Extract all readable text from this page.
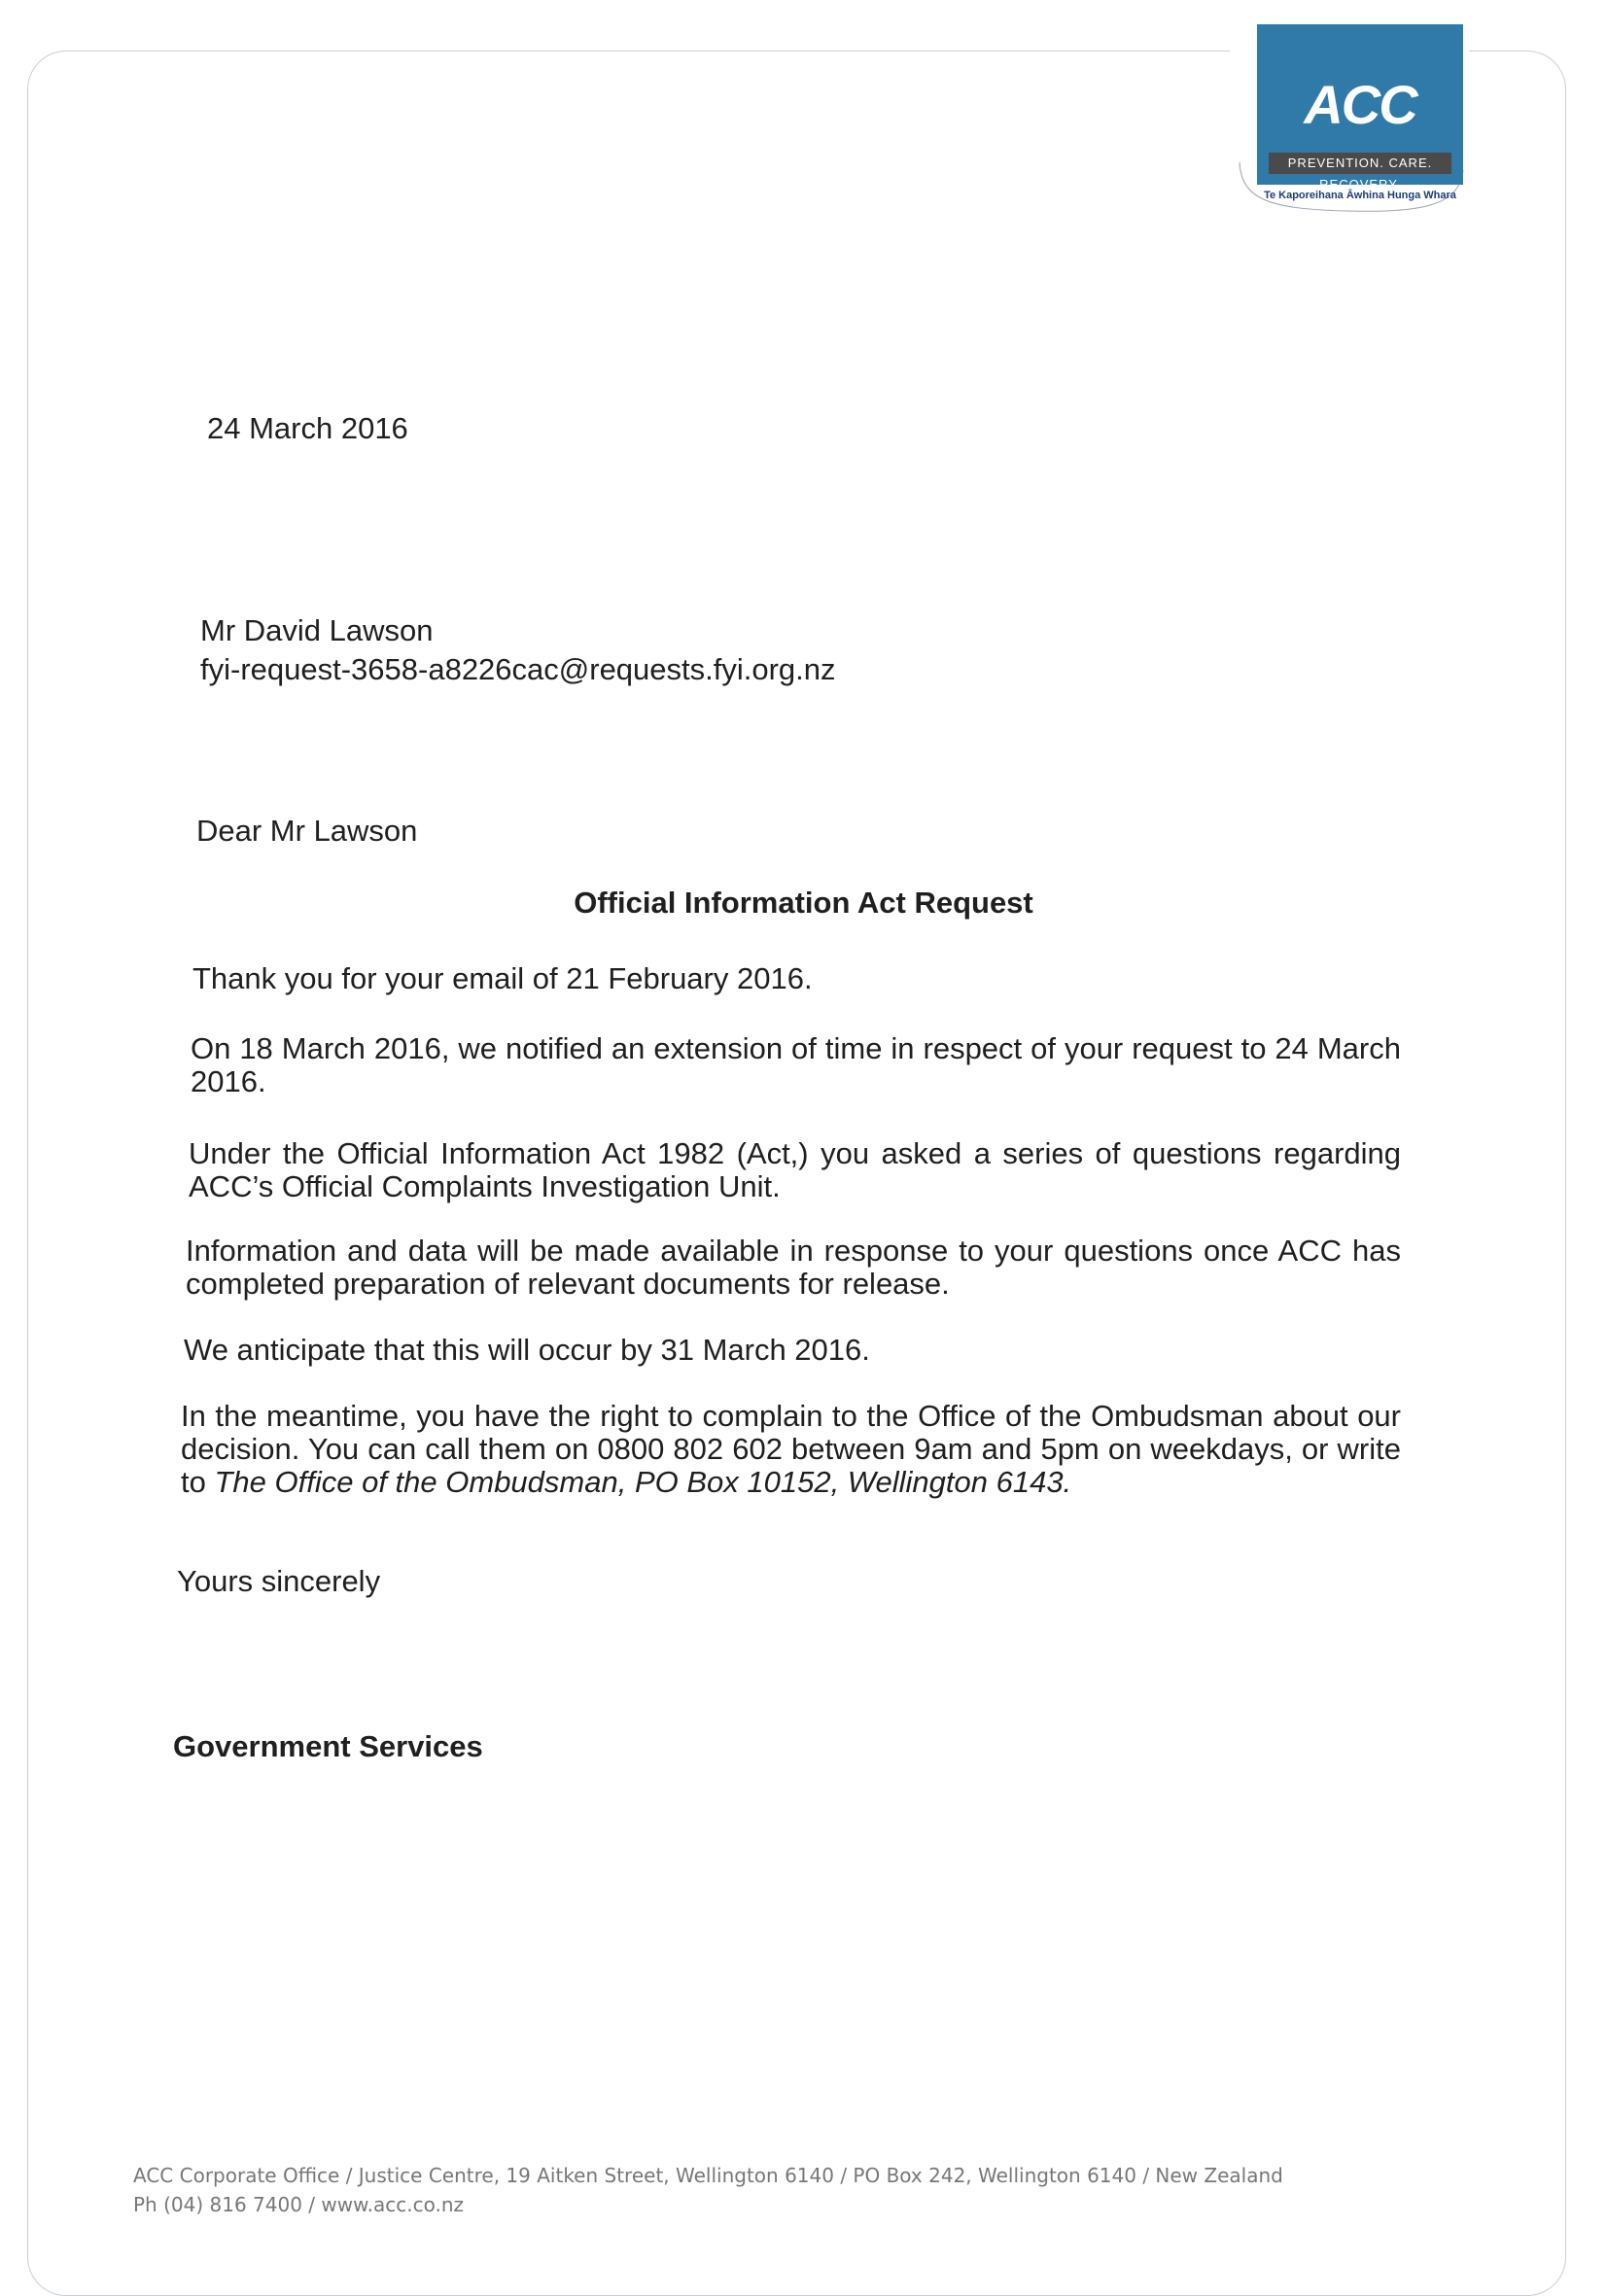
ACC
PREVENTION. CARE. RECOVERY.
Te Kaporeihana Āwhina Hunga Whara
24 March 2016
Mr David Lawson
fyi-request-3658-a8226cac@requests.fyi.org.nz
Dear Mr Lawson
Official Information Act Request
Thank you for your email of 21 February 2016.
On 18 March 2016, we notified an extension of time in respect of your request to 24 March 2016.
Under the Official Information Act 1982 (Act,) you asked a series of questions regarding ACC’s Official Complaints Investigation Unit.
Information and data will be made available in response to your questions once ACC has completed preparation of relevant documents for release.
We anticipate that this will occur by 31 March 2016.
In the meantime, you have the right to complain to the Office of the Ombudsman about our decision. You can call them on 0800 802 602 between 9am and 5pm on weekdays, or write to The Office of the Ombudsman, PO Box 10152, Wellington 6143.
Yours sincerely
Government Services
ACC Corporate Office / Justice Centre, 19 Aitken Street, Wellington 6140 / PO Box 242, Wellington 6140 / New Zealand
Ph (04) 816 7400 / www.acc.co.nz
